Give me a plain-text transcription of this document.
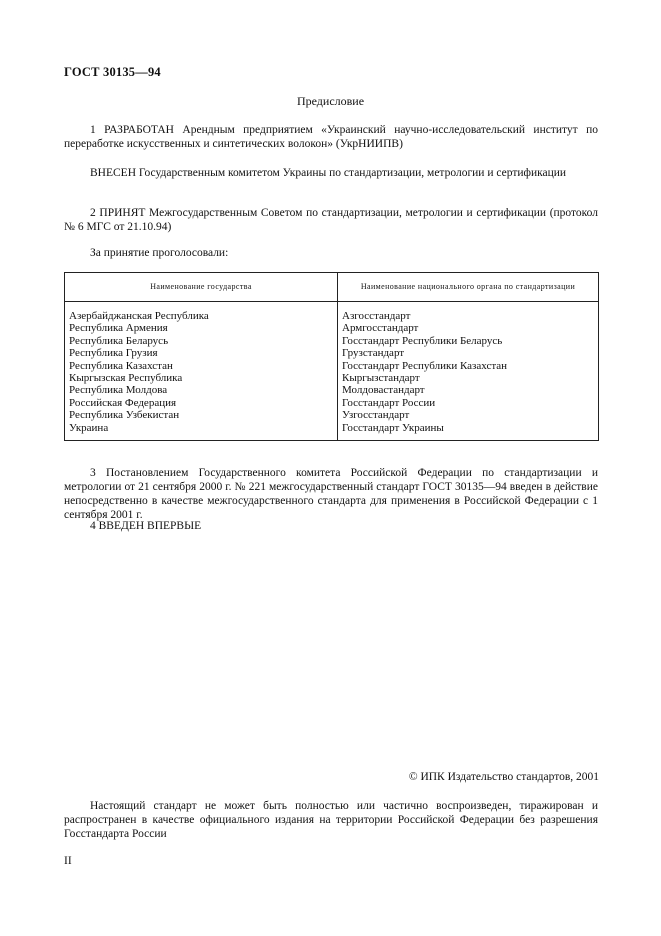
ГОСТ 30135—94
Предисловие

1 РАЗРАБОТАН Арендным предприятием «Украинский научно-исследовательский институт по переработке искусственных и синтетических волокон» (УкрНИИПВ)

ВНЕСЕН Государственным комитетом Украины по стандартизации, метрологии и сертификации

2 ПРИНЯТ Межгосударственным Советом по стандартизации, метрологии и сертификации (протокол № 6 МГС от 21.10.94)

За принятие проголосовали:

Наименование государства	Наименование национального органа по стандартизации

Азербайджанская Республика	Азгосстандарт
Республика Армения	Армгосстандарт
Республика Беларусь	Госстандарт Республики Беларусь
Республика Грузия	Грузстандарт
Республика Казахстан	Госстандарт Республики Казахстан
Кыргызская Республика	Кыргызстандарт
Республика Молдова	Молдовастандарт
Российская Федерация	Госстандарт России
Республика Узбекистан	Узгосстандарт
Украина	Госстандарт Украины

3 Постановлением Государственного комитета Российской Федерации по стандартизации и метрологии от 21 сентября 2000 г. № 221 межгосударственный стандарт ГОСТ 30135—94 введен в действие непосредственно в качестве межгосударственного стандарта для применения в Российской Федерации с 1 сентября 2001 г.

4 ВВЕДЕН ВПЕРВЫЕ

© ИПК Издательство стандартов, 2001

Настоящий стандарт не может быть полностью или частично воспроизведен, тиражирован и распространен в качестве официального издания на территории Российской Федерации без разрешения Госстандарта России

II
